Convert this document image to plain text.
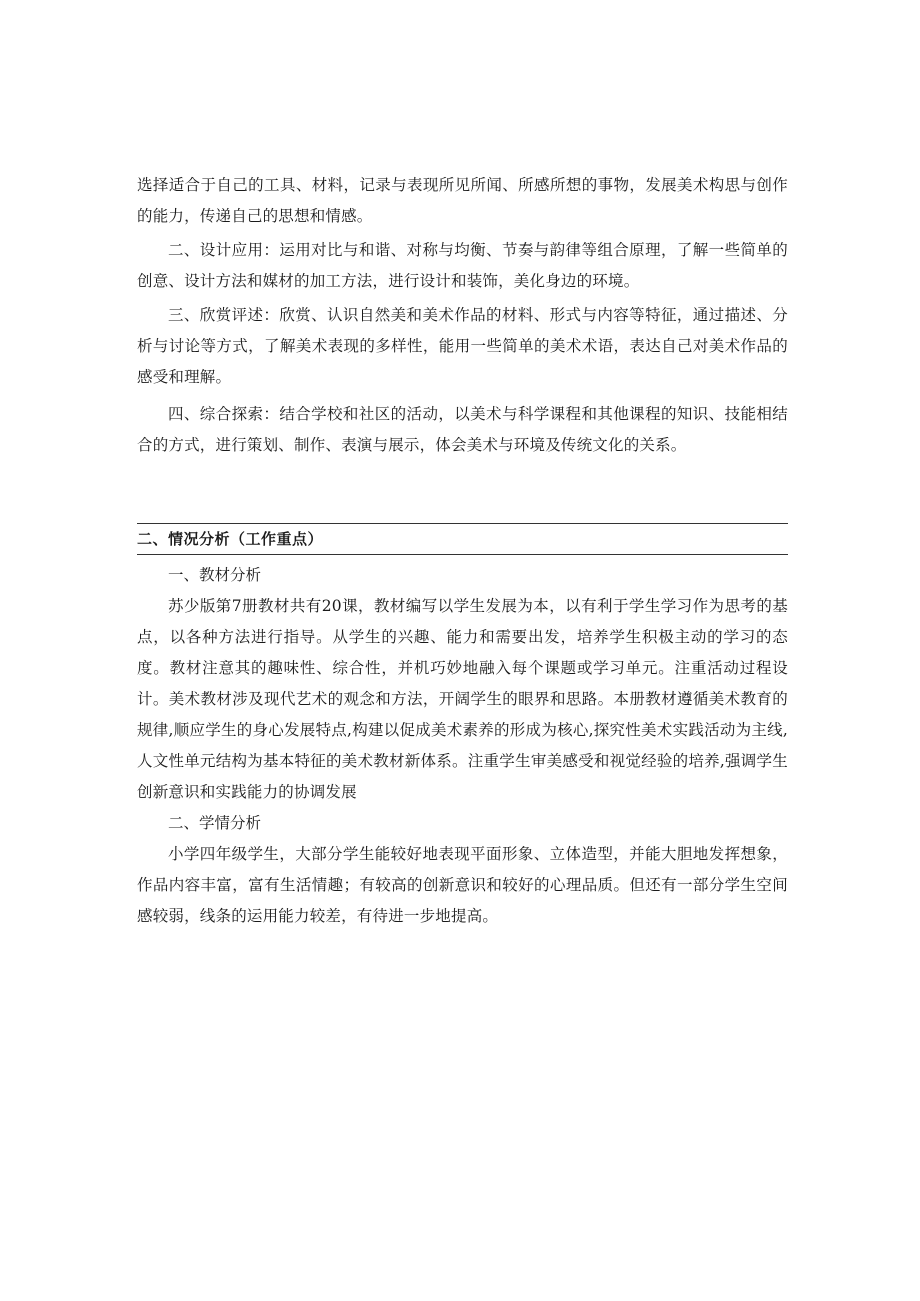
选择适合于自己的工具、材料，记录与表现所见所闻、所感所想的事物，发展美术构思与创作的能力，传递自己的思想和情感。

二、设计应用：运用对比与和谐、对称与均衡、节奏与韵律等组合原理，了解一些简单的创意、设计方法和媒材的加工方法，进行设计和装饰，美化身边的环境。

三、欣赏评述：欣赏、认识自然美和美术作品的材料、形式与内容等特征，通过描述、分析与讨论等方式，了解美术表现的多样性，能用一些简单的美术术语，表达自己对美术作品的感受和理解。

四、综合探索：结合学校和社区的活动，以美术与科学课程和其他课程的知识、技能相结合的方式，进行策划、制作、表演与展示，体会美术与环境及传统文化的关系。

二、情况分析（工作重点）

一、教材分析

苏少版第7册教材共有20课，教材编写以学生发展为本，以有利于学生学习作为思考的基点，以各种方法进行指导。从学生的兴趣、能力和需要出发，培养学生积极主动的学习的态度。教材注意其的趣味性、综合性，并机巧妙地融入每个课题或学习单元。注重活动过程设计。美术教材涉及现代艺术的观念和方法，开阔学生的眼界和思路。本册教材遵循美术教育的规律,顺应学生的身心发展特点,构建以促成美术素养的形成为核心,探究性美术实践活动为主线,人文性单元结构为基本特征的美术教材新体系。注重学生审美感受和视觉经验的培养,强调学生创新意识和实践能力的协调发展

二、学情分析

小学四年级学生，大部分学生能较好地表现平面形象、立体造型，并能大胆地发挥想象，作品内容丰富，富有生活情趣；有较高的创新意识和较好的心理品质。但还有一部分学生空间感较弱，线条的运用能力较差，有待进一步地提高。
